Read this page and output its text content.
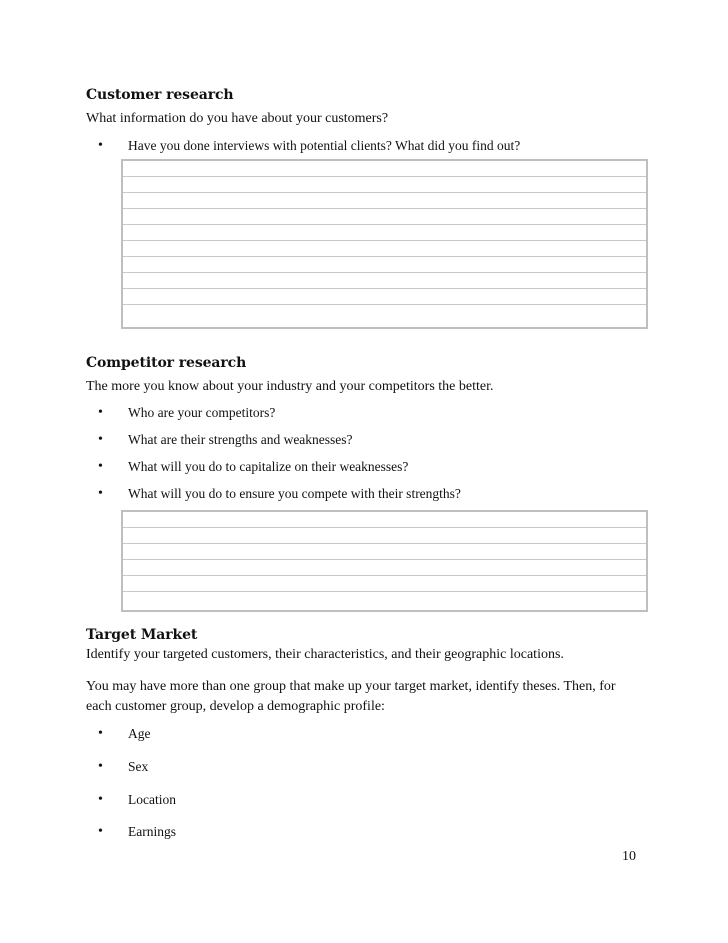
Customer research

What information do you have about your customers?

• Have you done interviews with potential clients? What did you find out?
Competitor research

The more you know about your industry and your competitors the better.

• Who are your competitors?
• What are their strengths and weaknesses?
• What will you do to capitalize on their weaknesses?
• What will you do to ensure you compete with their strengths?
Target Market

Identify your targeted customers, their characteristics, and their geographic locations.

You may have more than one group that make up your target market, identify theses. Then, for

each customer group, develop a demographic profile:

• Age
• Sex
• Location
• Earnings
10
